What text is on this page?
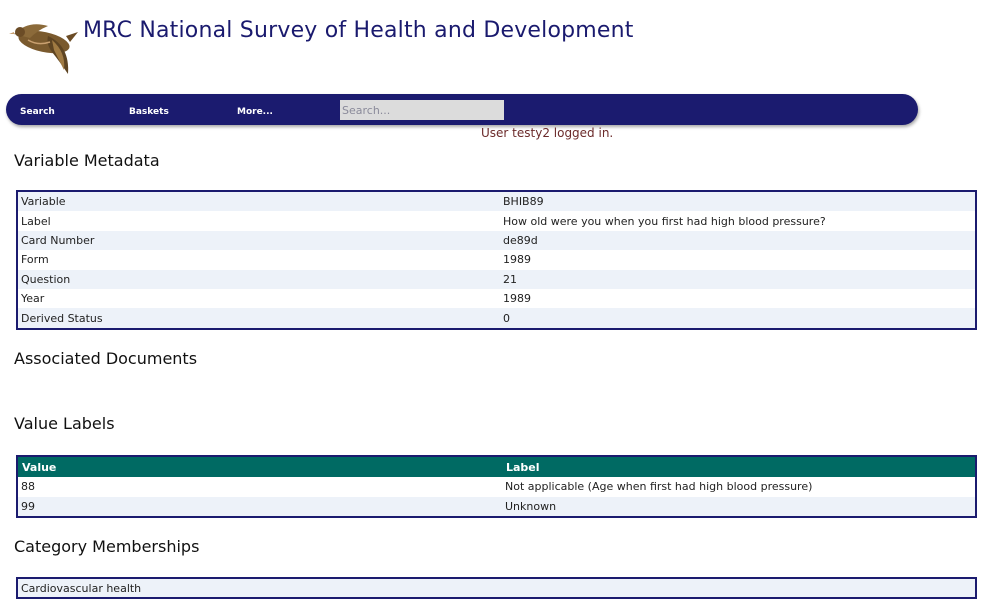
MRC National Survey of Health and Development
Search	Baskets	More...
Search...
User testy2 logged in.
Variable Metadata
Variable	BHIB89
Label	How old were you when you first had high blood pressure?
Card Number	de89d
Form	1989
Question	21
Year	1989
Derived Status	0
Associated Documents
Value Labels
Value	Label
88	Not applicable (Age when first had high blood pressure)
99	Unknown
Category Memberships
Cardiovascular health
